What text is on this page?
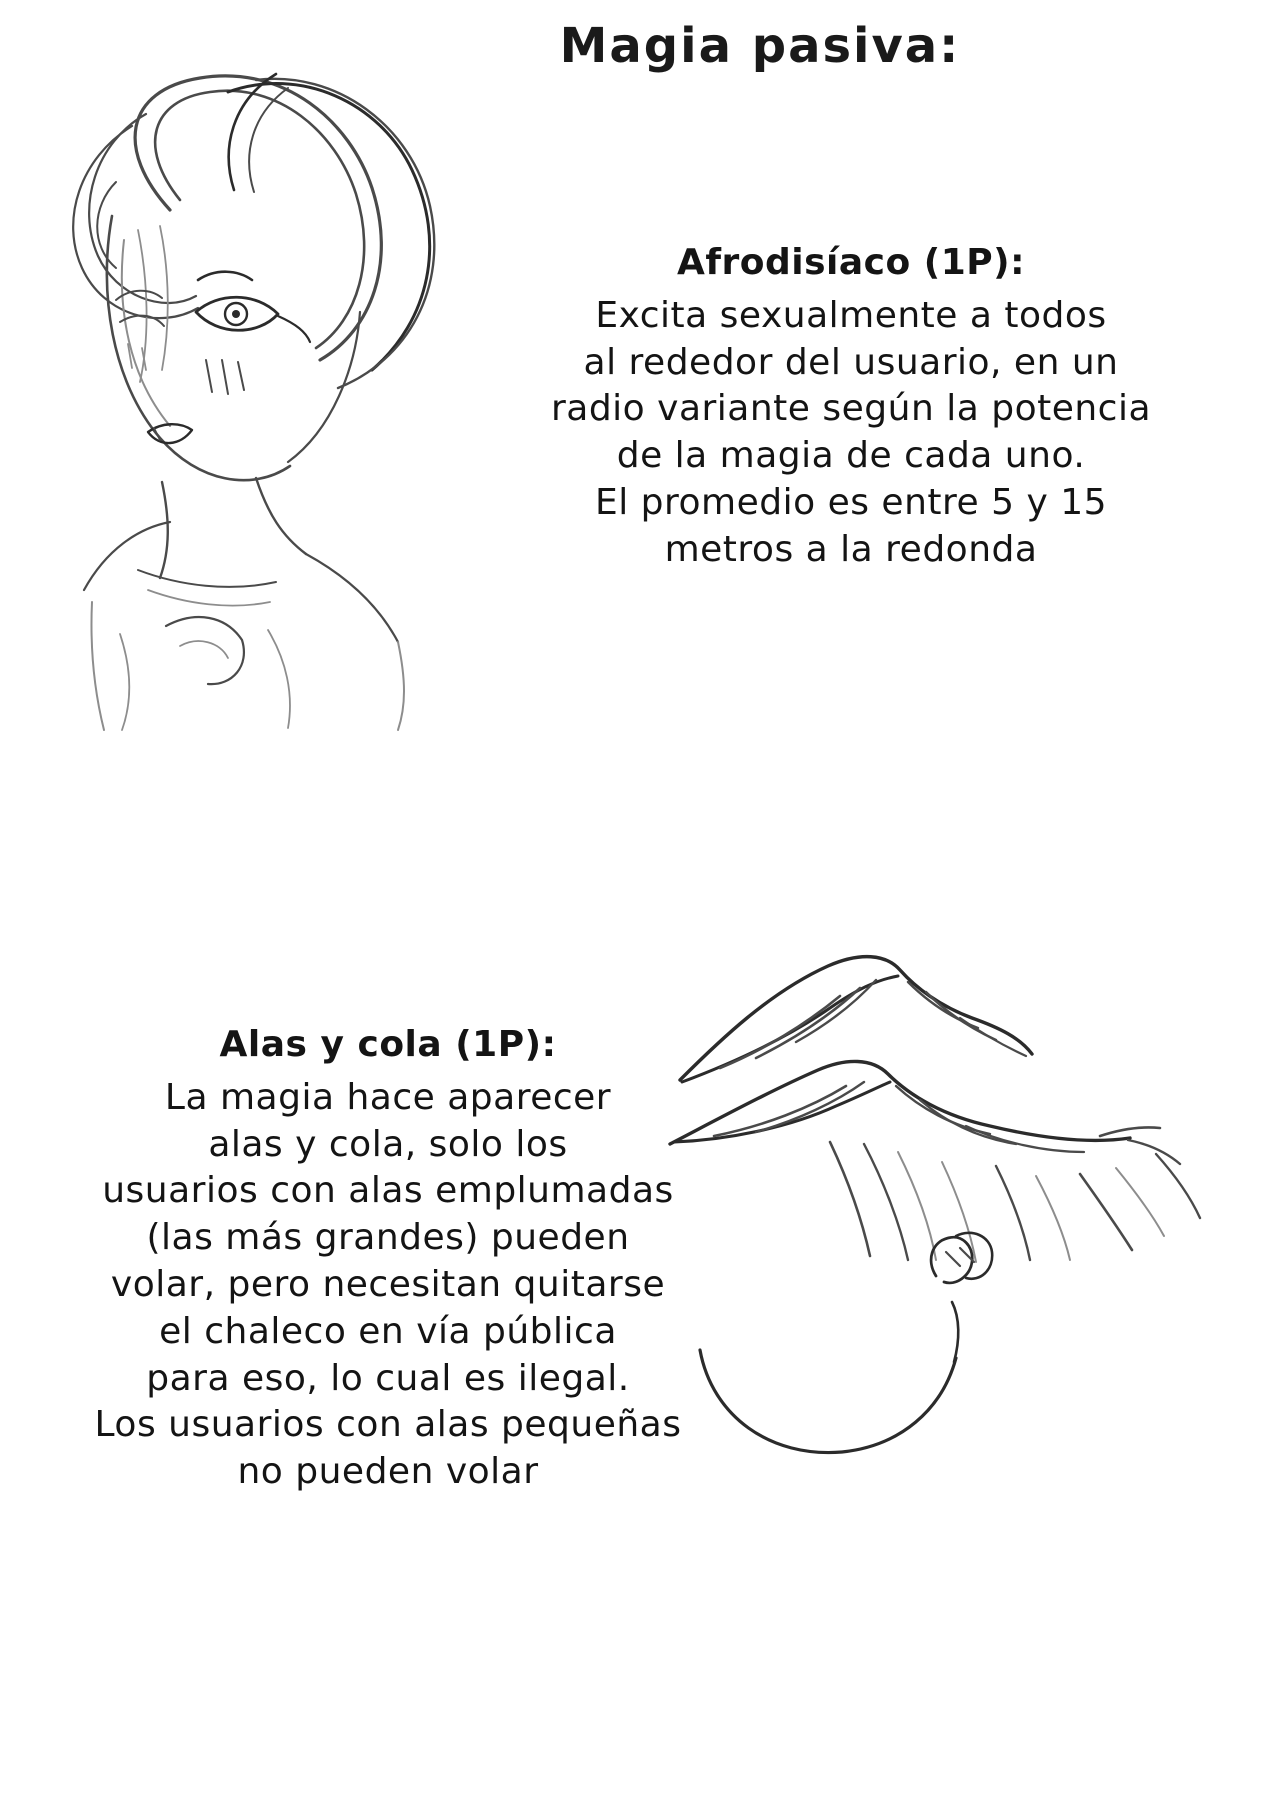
Magia pasiva:
Afrodisíaco (1P):
Excita sexualmente a todos
al rededor del usuario, en un
radio variante según la potencia
de la magia de cada uno.
El promedio es entre 5 y 15
metros a la redonda
Alas y cola (1P):
La magia hace aparecer
alas y cola, solo los
usuarios con alas emplumadas
(las más grandes) pueden
volar, pero necesitan quitarse
el chaleco en vía pública
para eso, lo cual es ilegal.
Los usuarios con alas pequeñas
no pueden volar
